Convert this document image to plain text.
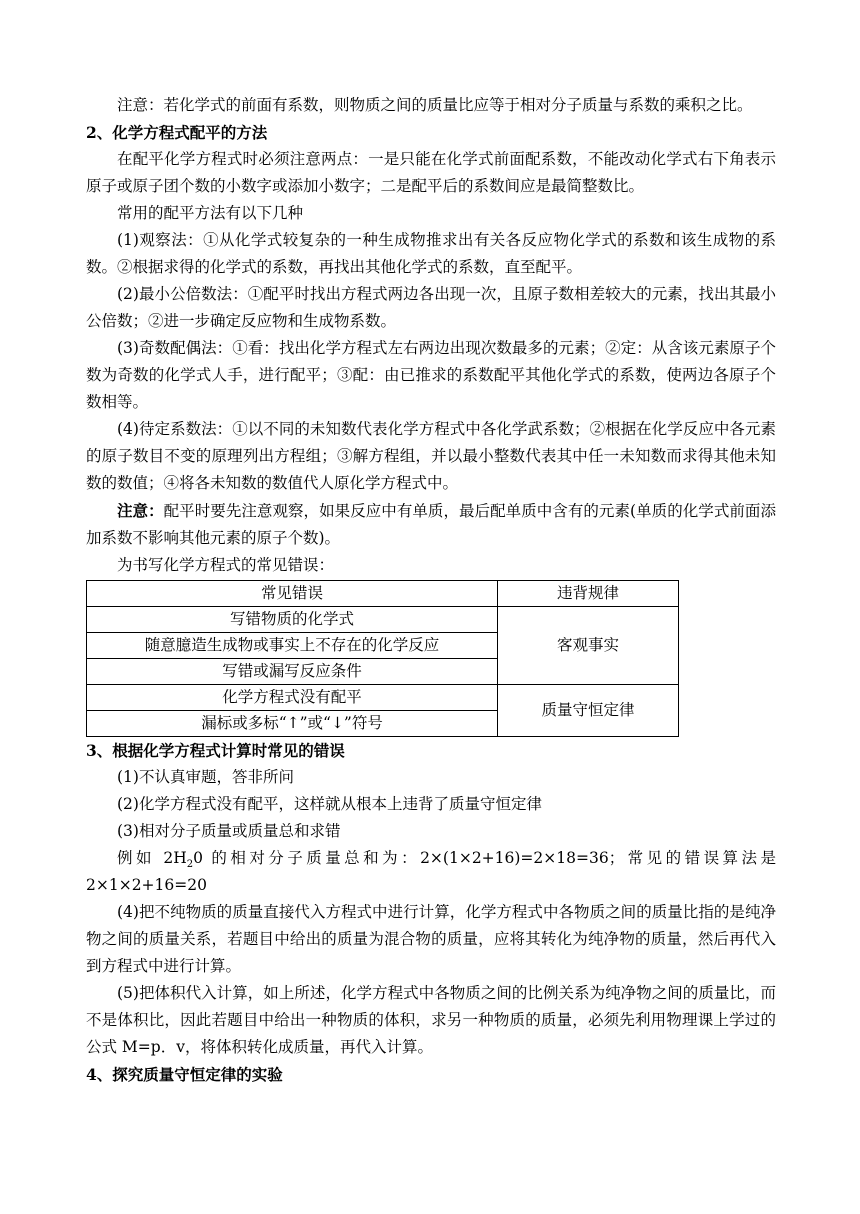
注意：若化学式的前面有系数，则物质之间的质量比应等于相对分子质量与系数的乘积之比。

2、化学方程式配平的方法

在配平化学方程式时必须注意两点：一是只能在化学式前面配系数，不能改动化学式右下角表示原子或原子团个数的小数字或添加小数字；二是配平后的系数间应是最简整数比。

常用的配平方法有以下几种

(1)观察法：①从化学式较复杂的一种生成物推求出有关各反应物化学式的系数和该生成物的系数。②根据求得的化学式的系数，再找出其他化学式的系数，直至配平。

(2)最小公倍数法：①配平时找出方程式两边各出现一次，且原子数相差较大的元素，找出其最小公倍数；②进一步确定反应物和生成物系数。

(3)奇数配偶法：①看：找出化学方程式左右两边出现次数最多的元素；②定：从含该元素原子个数为奇数的化学式人手，进行配平；③配：由已推求的系数配平其他化学式的系数，使两边各原子个数相等。

(4)待定系数法：①以不同的未知数代表化学方程式中各化学武系数；②根据在化学反应中各元素的原子数目不变的原理列出方程组；③解方程组，并以最小整数代表其中任一未知数而求得其他未知数的数值；④将各未知数的数值代人原化学方程式中。

注意：配平时要先注意观察，如果反应中有单质，最后配单质中含有的元素(单质的化学式前面添加系数不影响其他元素的原子个数)。

为书写化学方程式的常见错误：

常见错误	违背规律
写错物质的化学式	客观事实
随意臆造生成物或事实上不存在的化学反应	
写错或漏写反应条件	
化学方程式没有配平	质量守恒定律
漏标或多标“↑”或“↓”符号	

3、根据化学方程式计算时常见的错误

(1)不认真审题，答非所问

(2)化学方程式没有配平，这样就从根本上违背了质量守恒定律

(3)相对分子质量或质量总和求错

例如 $2H_20$ 的相对分子质量总和为：2×(1×2+16)=2×18=36；常见的错误算法是 2×1×2+16=20

(4)把不纯物质的质量直接代入方程式中进行计算，化学方程式中各物质之间的质量比指的是纯净物之间的质量关系，若题目中给出的质量为混合物的质量，应将其转化为纯净物的质量，然后再代入到方程式中进行计算。

(5)把体积代入计算，如上所述，化学方程式中各物质之间的比例关系为纯净物之间的质量比，而不是体积比，因此若题目中给出一种物质的体积，求另一种物质的质量，必须先利用物理课上学过的公式 M=p．v，将体积转化成质量，再代入计算。

4、探究质量守恒定律的实验
